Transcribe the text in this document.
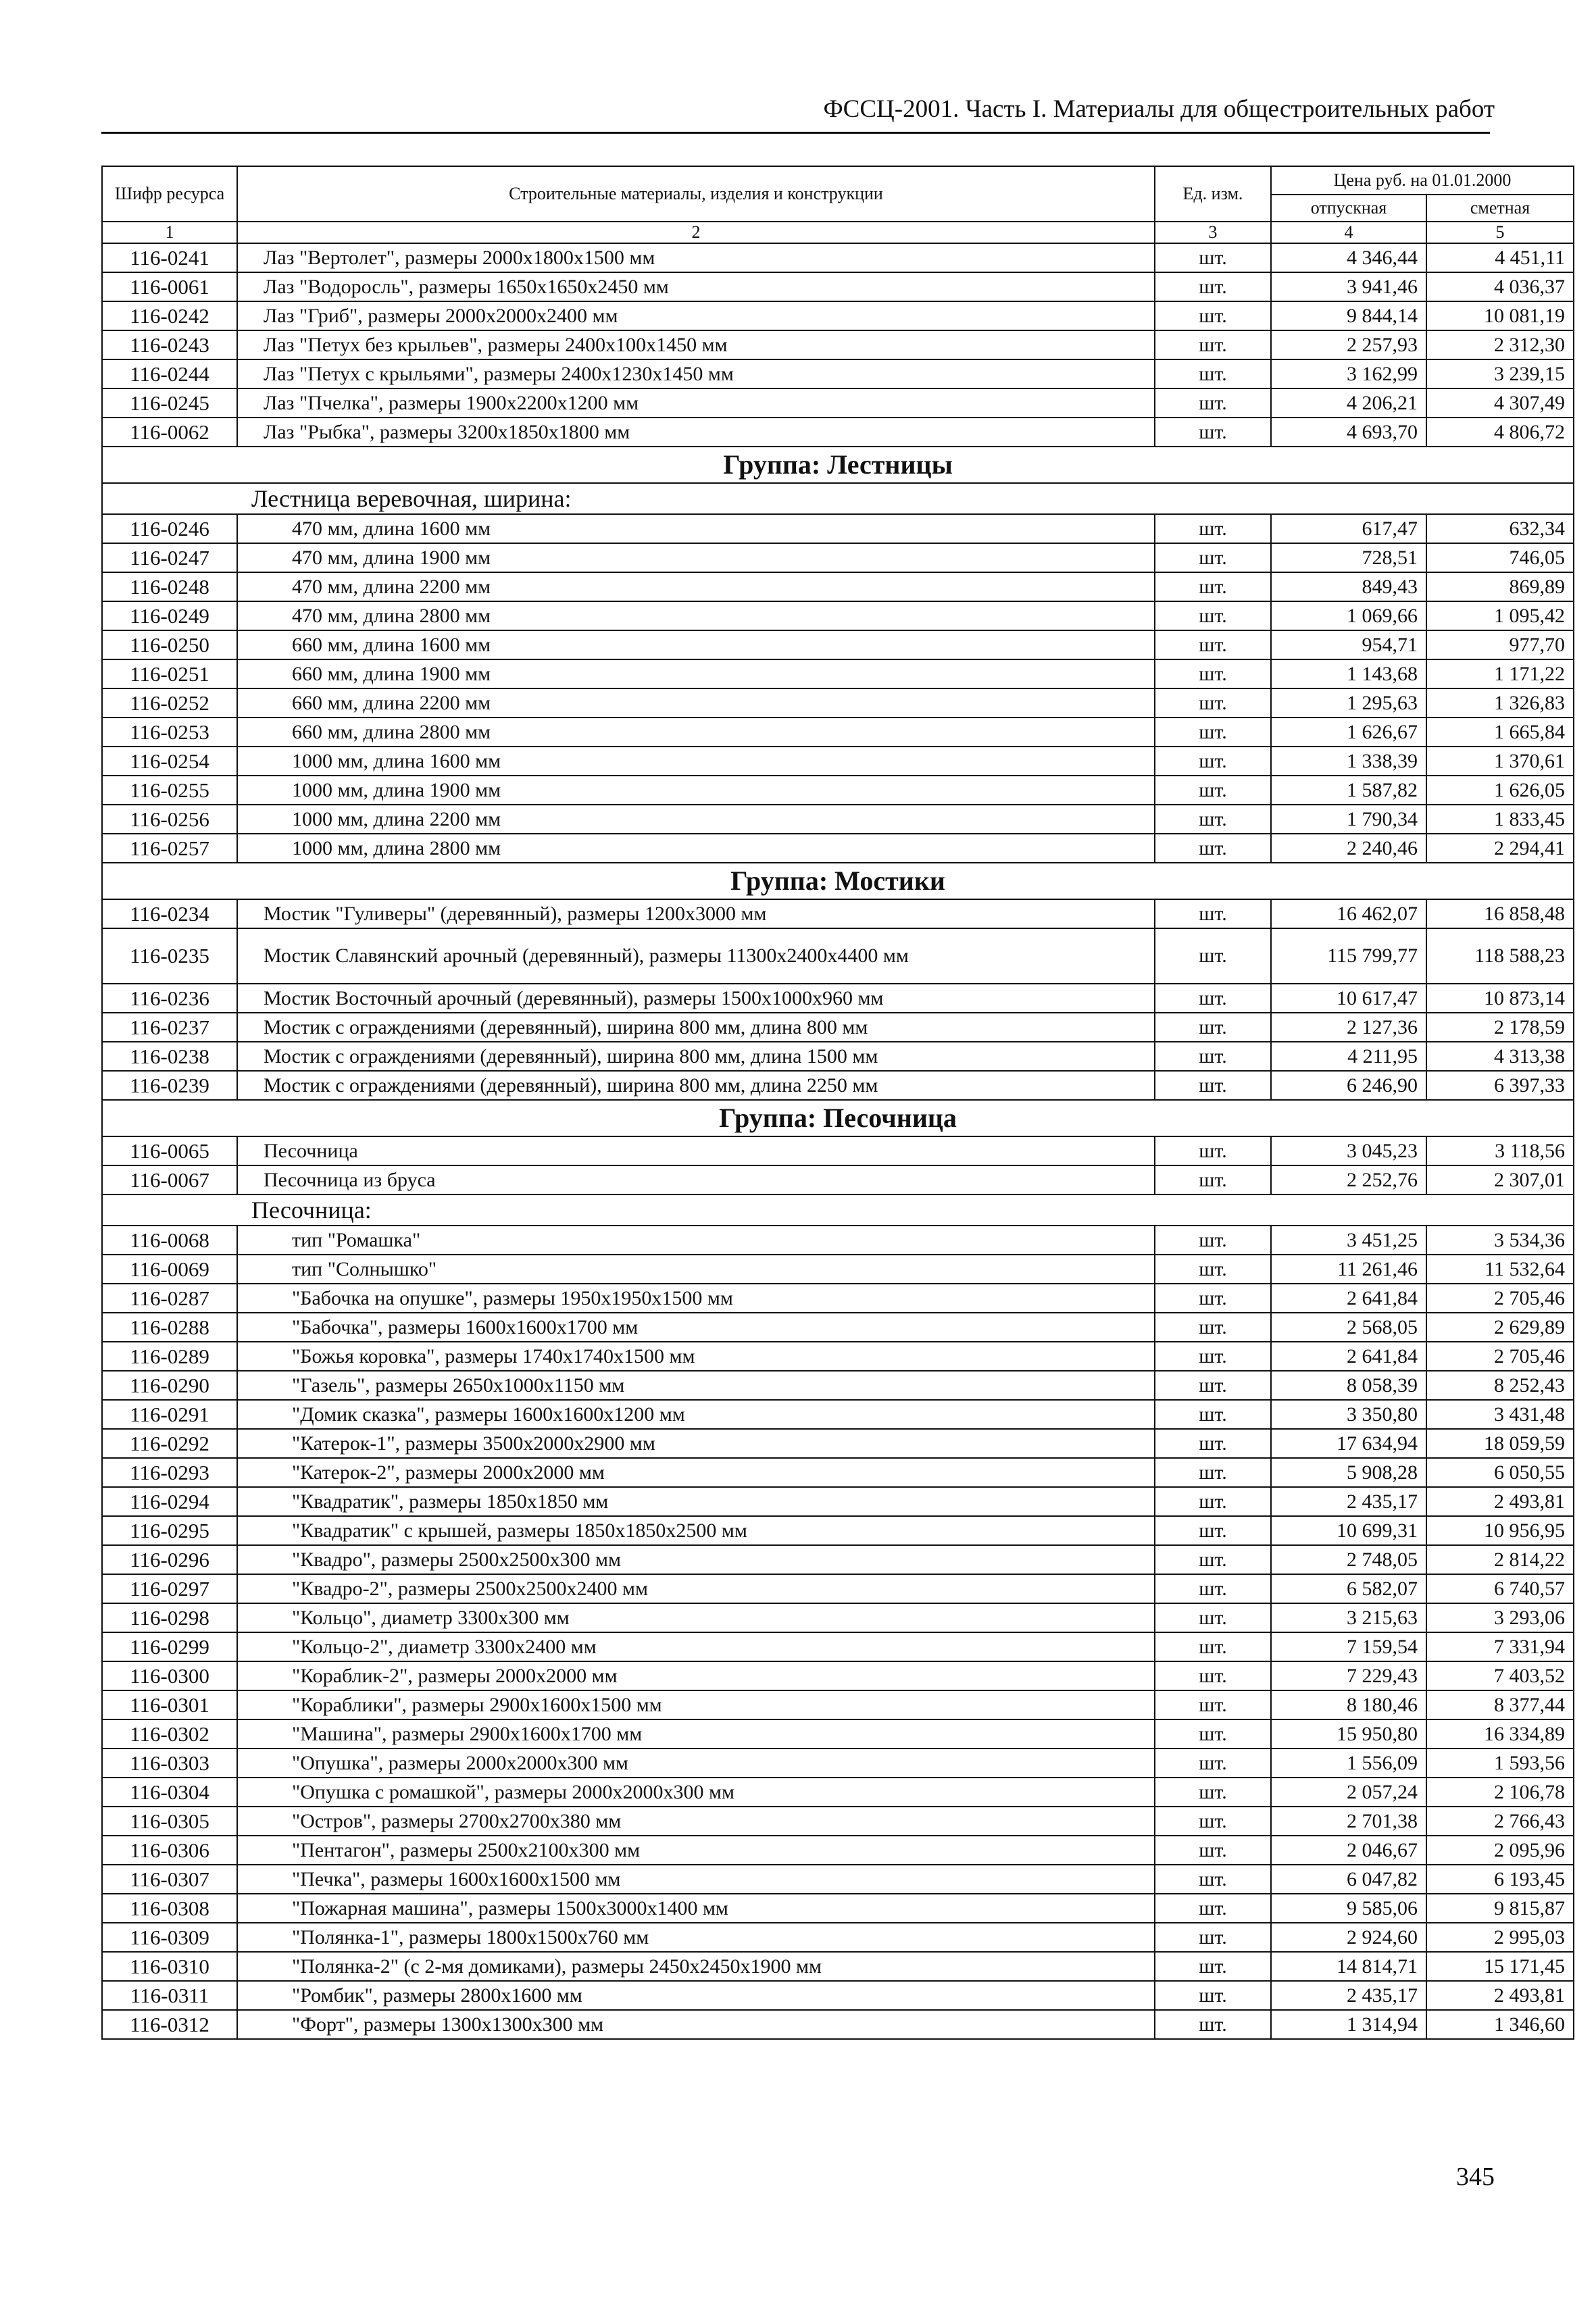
ФССЦ-2001. Часть I. Материалы для общестроительных работ
Шифр ресурса	Строительные материалы, изделия и конструкции	Ед. изм.	Цена руб. на 01.01.2000	
			отпускная	сметная
1	2	3	4	5
116-0241	Лаз "Вертолет", размеры 2000x1800x1500 мм	шт.	4 346,44	4 451,11
116-0061	Лаз "Водоросль", размеры 1650x1650x2450 мм	шт.	3 941,46	4 036,37
116-0242	Лаз "Гриб", размеры 2000x2000x2400 мм	шт.	9 844,14	10 081,19
116-0243	Лаз "Петух без крыльев", размеры 2400x100x1450 мм	шт.	2 257,93	2 312,30
116-0244	Лаз "Петух с крыльями", размеры 2400x1230x1450 мм	шт.	3 162,99	3 239,15
116-0245	Лаз "Пчелка", размеры 1900x2200x1200 мм	шт.	4 206,21	4 307,49
116-0062	Лаз "Рыбка", размеры 3200x1850x1800 мм	шт.	4 693,70	4 806,72
Группа: Лестницы				
Лестница веревочная, ширина:				
116-0246	470 мм, длина 1600 мм	шт.	617,47	632,34
116-0247	470 мм, длина 1900 мм	шт.	728,51	746,05
116-0248	470 мм, длина 2200 мм	шт.	849,43	869,89
116-0249	470 мм, длина 2800 мм	шт.	1 069,66	1 095,42
116-0250	660 мм, длина 1600 мм	шт.	954,71	977,70
116-0251	660 мм, длина 1900 мм	шт.	1 143,68	1 171,22
116-0252	660 мм, длина 2200 мм	шт.	1 295,63	1 326,83
116-0253	660 мм, длина 2800 мм	шт.	1 626,67	1 665,84
116-0254	1000 мм, длина 1600 мм	шт.	1 338,39	1 370,61
116-0255	1000 мм, длина 1900 мм	шт.	1 587,82	1 626,05
116-0256	1000 мм, длина 2200 мм	шт.	1 790,34	1 833,45
116-0257	1000 мм, длина 2800 мм	шт.	2 240,46	2 294,41
Группа: Мостики				
116-0234	Мостик "Гуливеры" (деревянный), размеры 1200x3000 мм	шт.	16 462,07	16 858,48
116-0235	Мостик Славянский арочный (деревянный), размеры 11300x2400x4400 мм	шт.	115 799,77	118 588,23
116-0236	Мостик Восточный арочный (деревянный), размеры 1500x1000x960 мм	шт.	10 617,47	10 873,14
116-0237	Мостик с ограждениями (деревянный), ширина 800 мм, длина 800 мм	шт.	2 127,36	2 178,59
116-0238	Мостик с ограждениями (деревянный), ширина 800 мм, длина 1500 мм	шт.	4 211,95	4 313,38
116-0239	Мостик с ограждениями (деревянный), ширина 800 мм, длина 2250 мм	шт.	6 246,90	6 397,33
Группа: Песочница				
116-0065	Песочница	шт.	3 045,23	3 118,56
116-0067	Песочница из бруса	шт.	2 252,76	2 307,01
Песочница:				
116-0068	тип "Ромашка"	шт.	3 451,25	3 534,36
116-0069	тип "Солнышко"	шт.	11 261,46	11 532,64
116-0287	"Бабочка на опушке", размеры 1950x1950x1500 мм	шт.	2 641,84	2 705,46
116-0288	"Бабочка", размеры 1600x1600x1700 мм	шт.	2 568,05	2 629,89
116-0289	"Божья коровка", размеры 1740x1740x1500 мм	шт.	2 641,84	2 705,46
116-0290	"Газель", размеры 2650x1000x1150 мм	шт.	8 058,39	8 252,43
116-0291	"Домик сказка", размеры 1600x1600x1200 мм	шт.	3 350,80	3 431,48
116-0292	"Катерок-1", размеры 3500x2000x2900 мм	шт.	17 634,94	18 059,59
116-0293	"Катерок-2", размеры 2000x2000 мм	шт.	5 908,28	6 050,55
116-0294	"Квадратик", размеры 1850x1850 мм	шт.	2 435,17	2 493,81
116-0295	"Квадратик" с крышей, размеры 1850x1850x2500 мм	шт.	10 699,31	10 956,95
116-0296	"Квадро", размеры 2500x2500x300 мм	шт.	2 748,05	2 814,22
116-0297	"Квадро-2", размеры 2500x2500x2400 мм	шт.	6 582,07	6 740,57
116-0298	"Кольцо", диаметр 3300x300 мм	шт.	3 215,63	3 293,06
116-0299	"Кольцо-2", диаметр 3300x2400 мм	шт.	7 159,54	7 331,94
116-0300	"Кораблик-2", размеры 2000x2000 мм	шт.	7 229,43	7 403,52
116-0301	"Кораблики", размеры 2900x1600x1500 мм	шт.	8 180,46	8 377,44
116-0302	"Машина", размеры 2900x1600x1700 мм	шт.	15 950,80	16 334,89
116-0303	"Опушка", размеры 2000x2000x300 мм	шт.	1 556,09	1 593,56
116-0304	"Опушка с ромашкой", размеры 2000x2000x300 мм	шт.	2 057,24	2 106,78
116-0305	"Остров", размеры 2700x2700x380 мм	шт.	2 701,38	2 766,43
116-0306	"Пентагон", размеры 2500x2100x300 мм	шт.	2 046,67	2 095,96
116-0307	"Печка", размеры 1600x1600x1500 мм	шт.	6 047,82	6 193,45
116-0308	"Пожарная машина", размеры 1500x3000x1400 мм	шт.	9 585,06	9 815,87
116-0309	"Полянка-1", размеры 1800x1500x760 мм	шт.	2 924,60	2 995,03
116-0310	"Полянка-2" (с 2-мя домиками), размеры 2450x2450x1900 мм	шт.	14 814,71	15 171,45
116-0311	"Ромбик", размеры 2800x1600 мм	шт.	2 435,17	2 493,81
116-0312	"Форт", размеры 1300x1300x300 мм	шт.	1 314,94	1 346,60
345
